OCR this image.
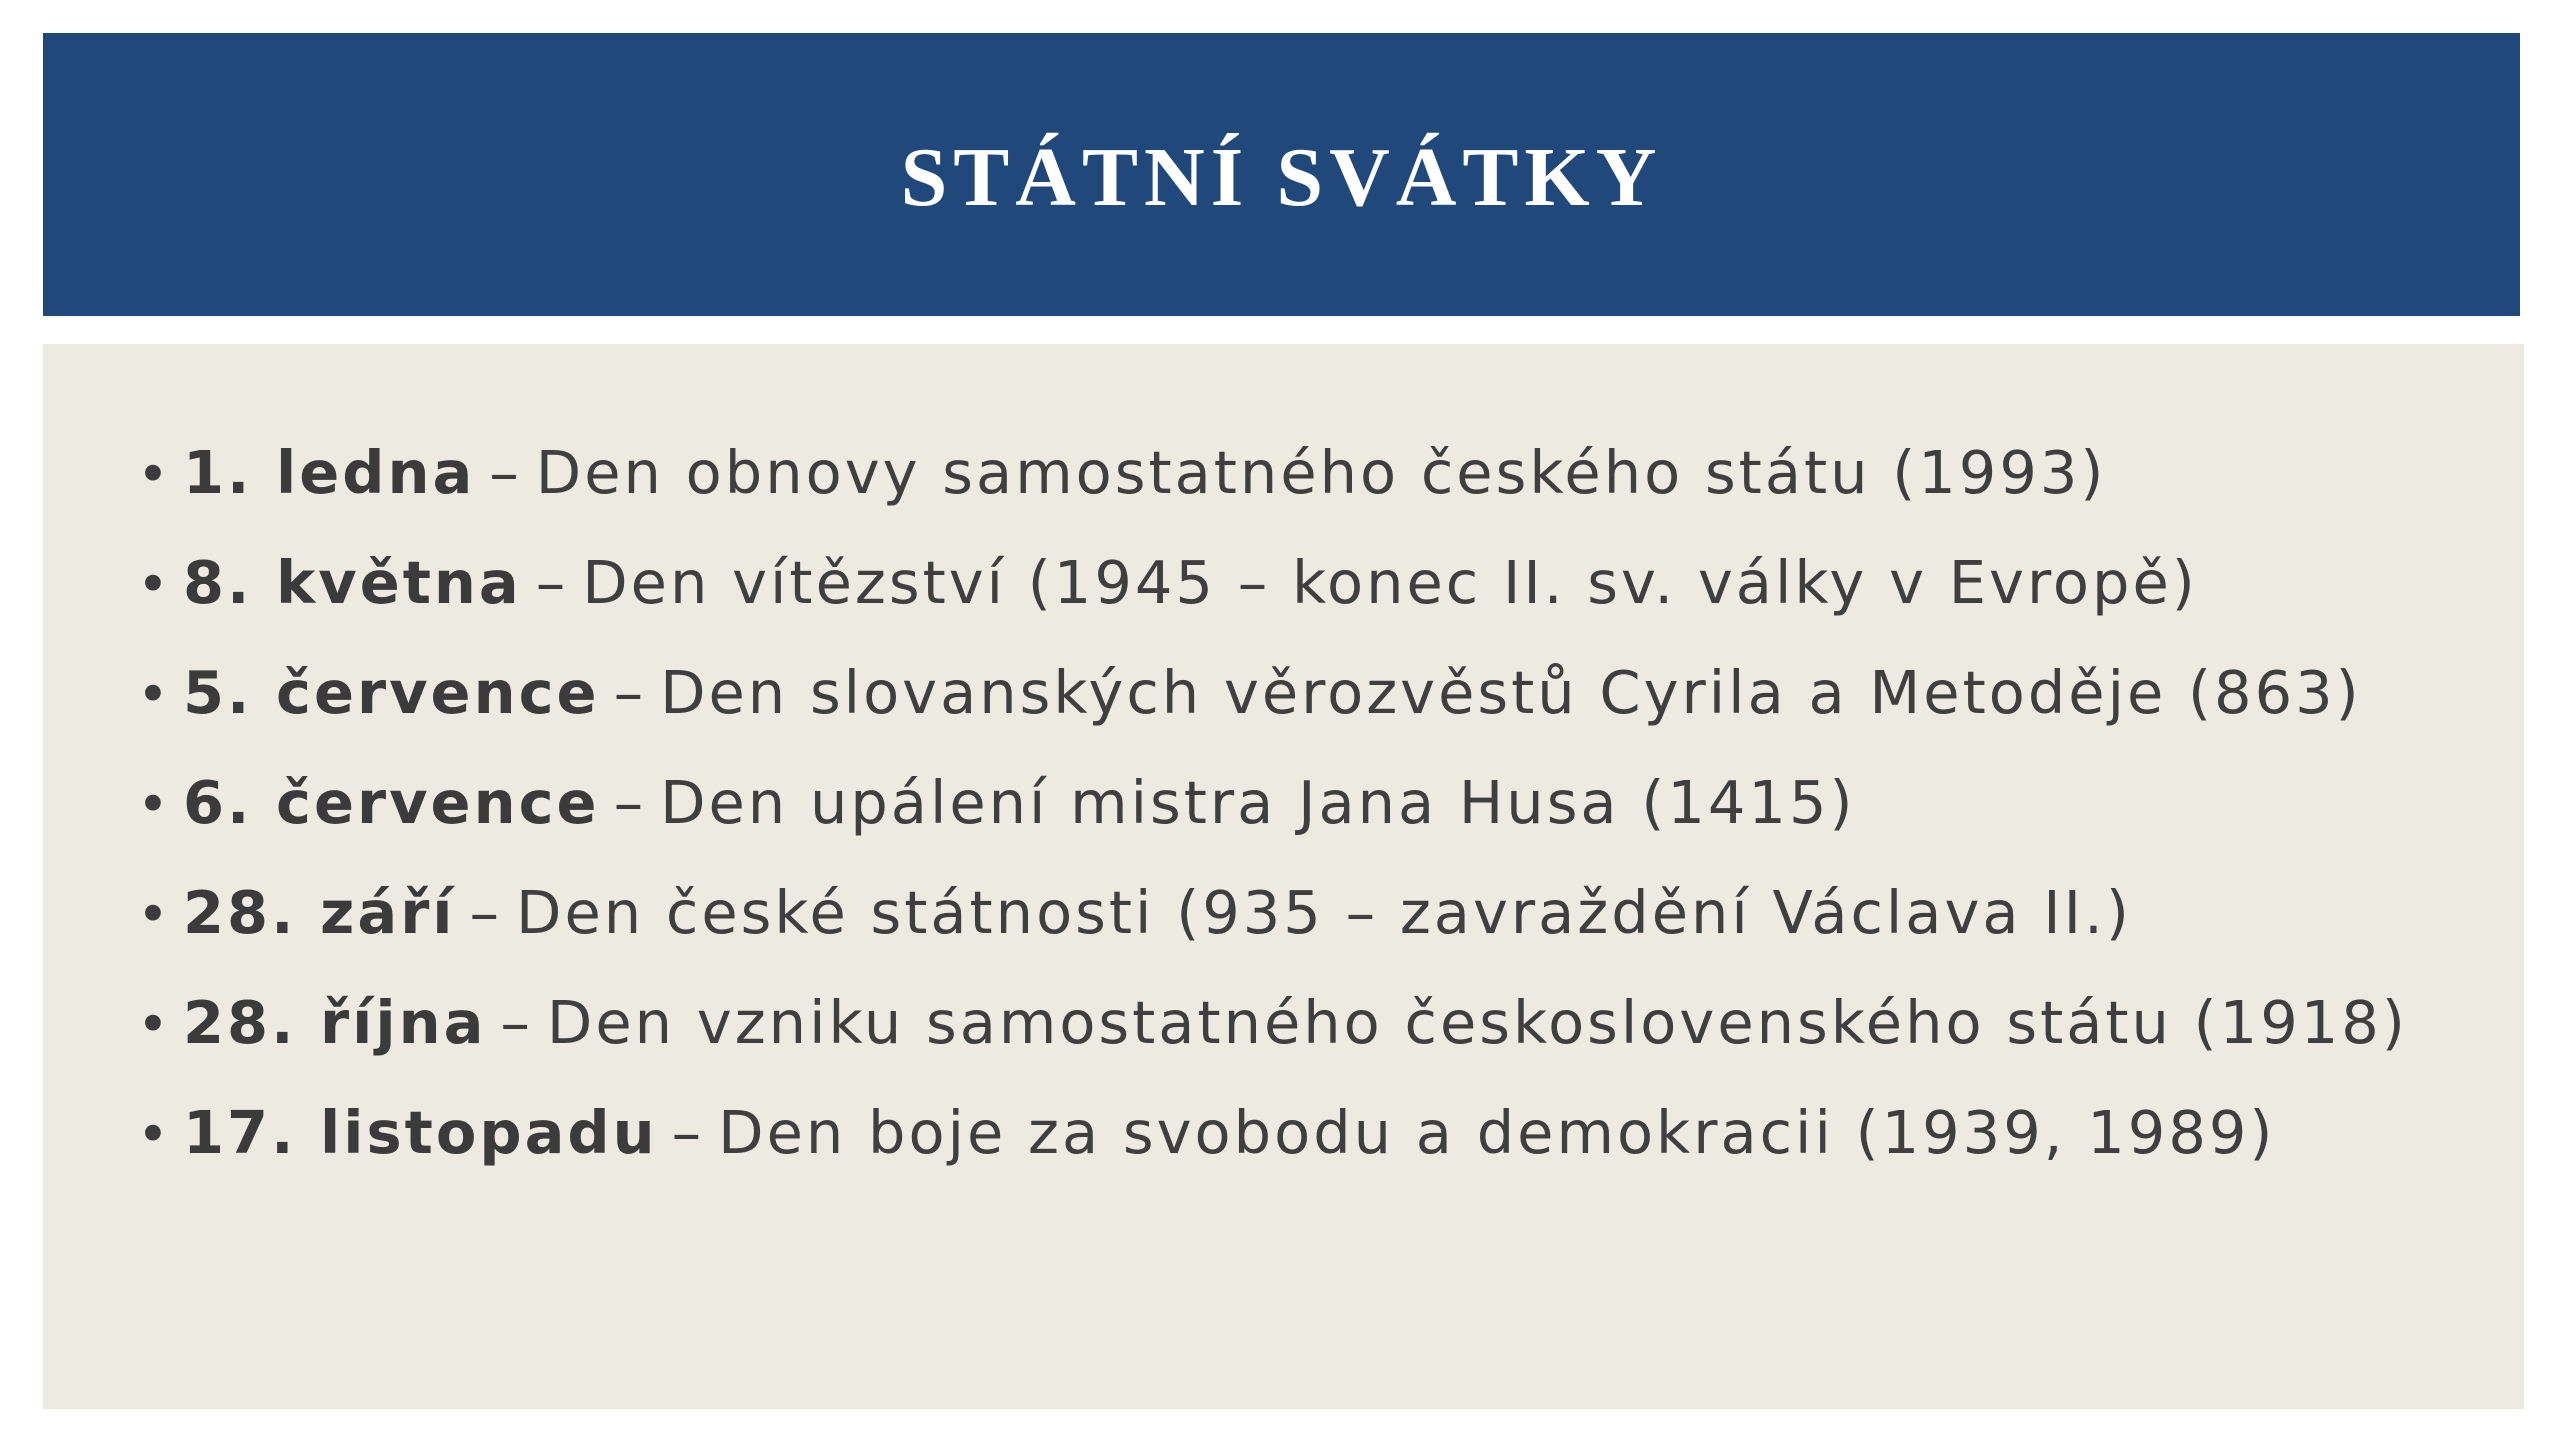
STÁTNÍ SVÁTKY
• 1. ledna – Den obnovy samostatného českého státu (1993)
• 8. května – Den vítězství (1945 – konec II. sv. války v Evropě)
• 5. července – Den slovanských věrozvěstů Cyrila a Metoděje (863)
• 6. července – Den upálení mistra Jana Husa (1415)
• 28. září – Den české státnosti (935 – zavraždění Václava II.)
• 28. října – Den vzniku samostatného československého státu (1918)
• 17. listopadu – Den boje za svobodu a demokracii (1939, 1989)
